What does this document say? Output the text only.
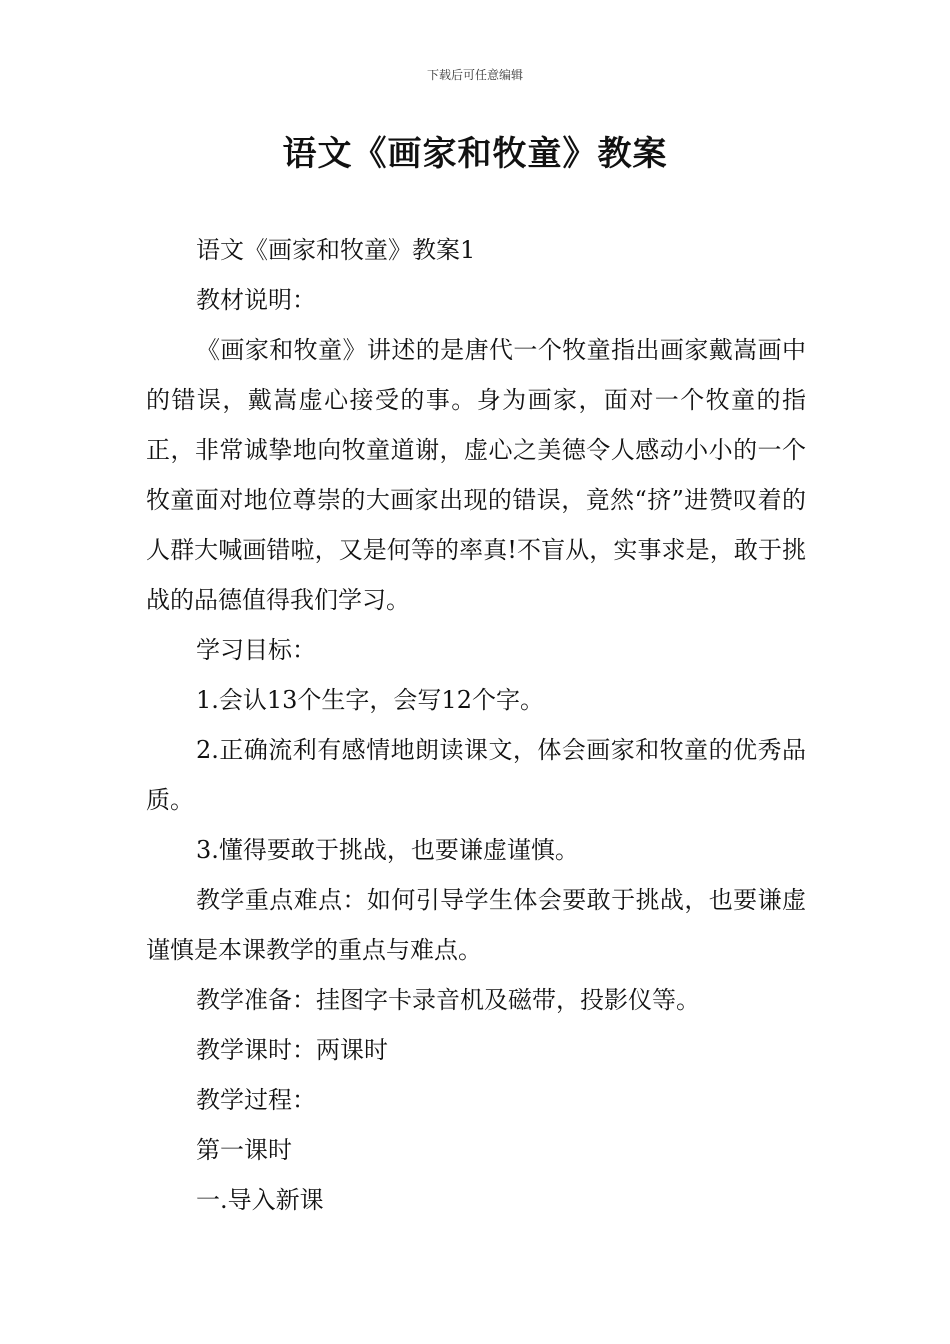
下载后可任意编辑
语文《画家和牧童》教案

语文《画家和牧童》教案1

教材说明：

《画家和牧童》讲述的是唐代一个牧童指出画家戴嵩画中的错误，戴嵩虚心接受的事。身为画家，面对一个牧童的指正，非常诚挚地向牧童道谢，虚心之美德令人感动小小的一个牧童面对地位尊崇的大画家出现的错误，竟然“挤”进赞叹着的人群大喊画错啦，又是何等的率真!不盲从，实事求是，敢于挑战的品德值得我们学习。

学习目标：

1.会认13个生字，会写12个字。

2.正确流利有感情地朗读课文，体会画家和牧童的优秀品质。

3.懂得要敢于挑战，也要谦虚谨慎。

教学重点难点：如何引导学生体会要敢于挑战，也要谦虚谨慎是本课教学的重点与难点。

教学准备：挂图字卡录音机及磁带，投影仪等。

教学课时：两课时

教学过程：

第一课时

一.导入新课
